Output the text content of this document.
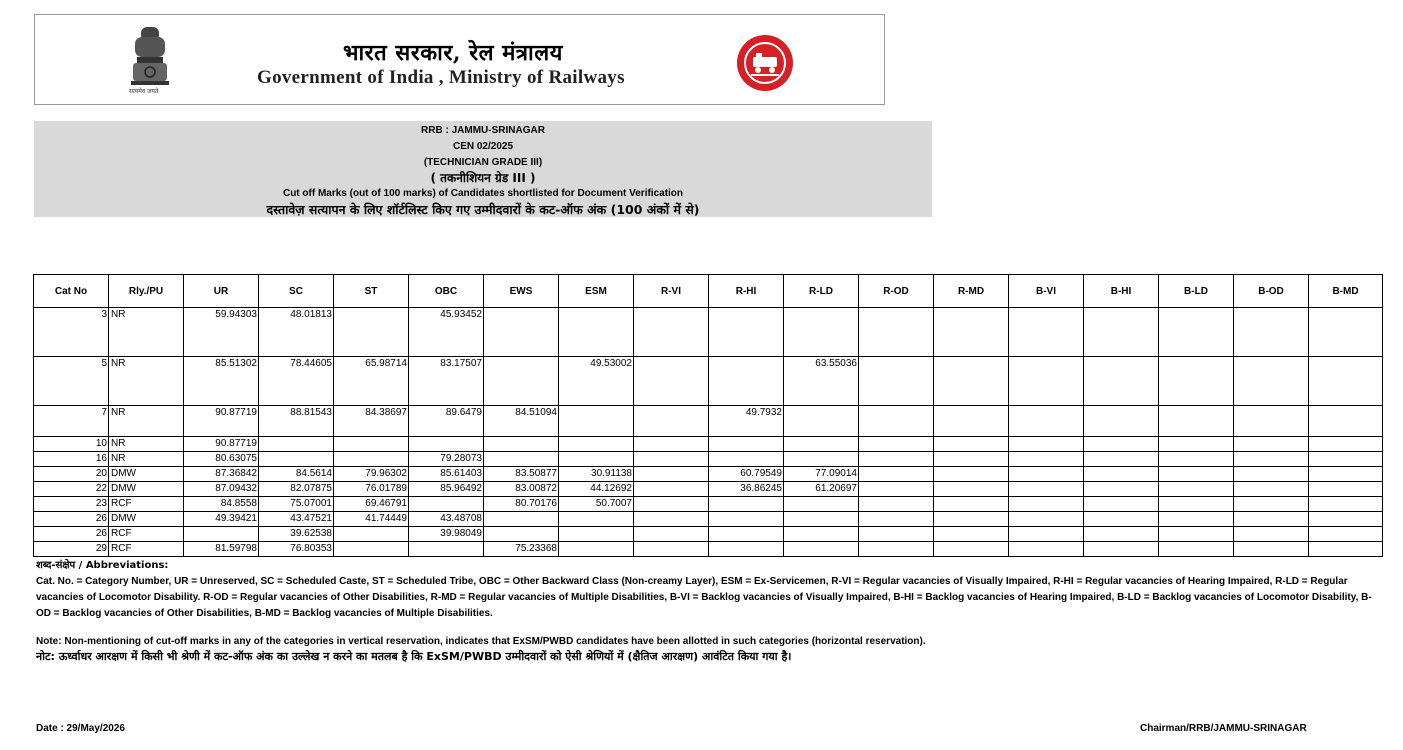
सत्यमेव जयते
भारत सरकार, रेल मंत्रालय
Government of India , Ministry of Railways
RRB : JAMMU-SRINAGAR
CEN 02/2025
(TECHNICIAN GRADE III)
( तकनीशियन ग्रेड III )
Cut off Marks (out of 100 marks) of Candidates shortlisted for Document Verification
दस्तावेज़ सत्यापन के लिए शॉर्टलिस्ट किए गए उम्मीदवारों के कट-ऑफ अंक (100 अंकों में से)
Cat No	Rly./PU	UR	SC	ST	OBC	EWS	ESM	R-VI	R-HI	R-LD	R-OD	R-MD	B-VI	B-HI	B-LD	B-OD	B-MD
3	NR	59.94303	48.01813		45.93452												
5	NR	85.51302	78.44605	65.98714	83.17507		49.53002			63.55036							
7	NR	90.87719	88.81543	84.38697	89.6479	84.51094			49.7932								
10	NR	90.87719															
16	NR	80.63075			79.28073												
20	DMW	87.36842	84.5614	79.96302	85.61403	83.50877	30.91138		60.79549	77.09014							
22	DMW	87.09432	82.07875	76.01789	85.96492	83.00872	44.12692		36.86245	61.20697							
23	RCF	84.8558	75.07001	69.46791		80.70176	50.7007										
26	DMW	49.39421	43.47521	41.74449	43.48708												
26	RCF		39.62538		39.98049												
29	RCF	81.59798	76.80353			75.23368											
शब्द-संक्षेप / Abbreviations:
Cat. No. = Category Number, UR = Unreserved, SC = Scheduled Caste, ST = Scheduled Tribe, OBC = Other Backward Class (Non-creamy Layer), ESM = Ex-Servicemen, R-VI = Regular vacancies of Visually Impaired, R-HI = Regular vacancies of Hearing Impaired, R-LD = Regular vacancies of Locomotor Disability. R-OD = Regular vacancies of Other Disabilities, R-MD = Regular vacancies of Multiple Disabilities, B-VI = Backlog vacancies of Visually Impaired, B-HI = Backlog vacancies of Hearing Impaired, B-LD = Backlog vacancies of Locomotor Disability, B-OD = Backlog vacancies of Other Disabilities, B-MD = Backlog vacancies of Multiple Disabilities.
Note: Non-mentioning of cut-off marks in any of the categories in vertical reservation, indicates that ExSM/PWBD candidates have been allotted in such categories (horizontal reservation).
नोट: ऊर्ध्वाधर आरक्षण में किसी भी श्रेणी में कट-ऑफ अंक का उल्लेख न करने का मतलब है कि ExSM/PWBD उम्मीदवारों को ऐसी श्रेणियों में (क्षैतिज आरक्षण) आवंटित किया गया है।
Date : 29/May/2026	Chairman/RRB/JAMMU-SRINAGAR
